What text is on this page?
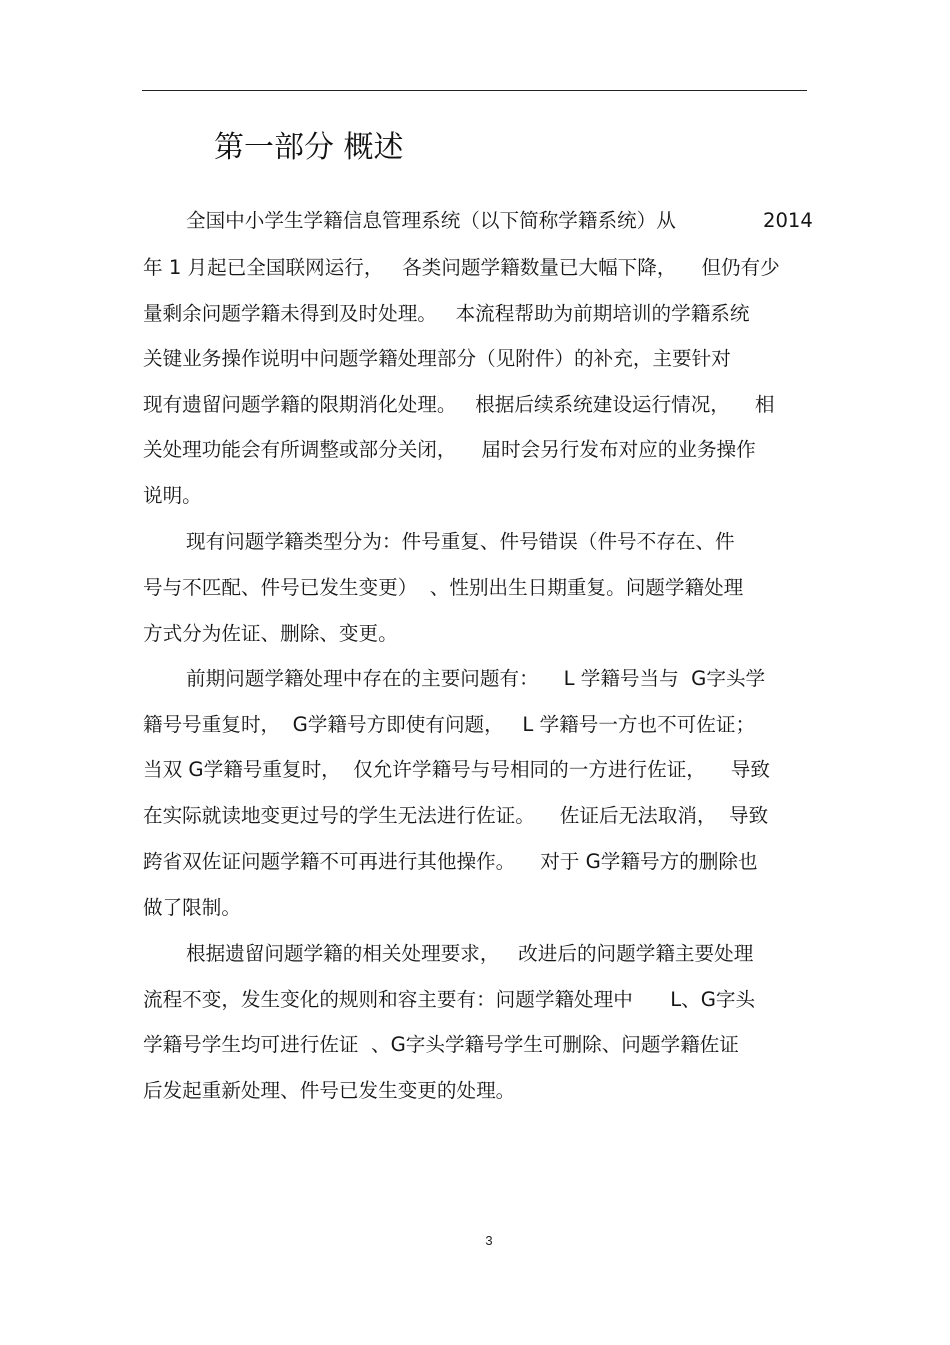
第一部分 概述
全国中小学生学籍信息管理系统（以下简称学籍系统）从	2014
年 1 月起已全国联网运行，   各类问题学籍数量已大幅下降，    但仍有少
量剩余问题学籍未得到及时处理。   本流程帮助为前期培训的学籍系统
关键业务操作说明中问题学籍处理部分（见附件）的补充，主要针对
现有遗留问题学籍的限期消化处理。   根据后续系统建设运行情况，    相
关处理功能会有所调整或部分关闭，    届时会另行发布对应的业务操作
说明。
现有问题学籍类型分为：件号重复、件号错误（件号不存在、件
号与不匹配、件号已发生变更）  、性别出生日期重复。问题学籍处理
方式分为佐证、删除、变更。
前期问题学籍处理中存在的主要问题有：    L 学籍号当与  G字头学
籍号号重复时，  G学籍号方即使有问题，   L 学籍号一方也不可佐证；
当双 G学籍号重复时，  仅允许学籍号与号相同的一方进行佐证，    导致
在实际就读地变更过号的学生无法进行佐证。    佐证后无法取消，  导致
跨省双佐证问题学籍不可再进行其他操作。    对于 G学籍号方的删除也
做了限制。
根据遗留问题学籍的相关处理要求，   改进后的问题学籍主要处理
流程不变，发生变化的规则和容主要有：问题学籍处理中      L、G字头
学籍号学生均可进行佐证  、G字头学籍号学生可删除、问题学籍佐证
后发起重新处理、件号已发生变更的处理。
3
